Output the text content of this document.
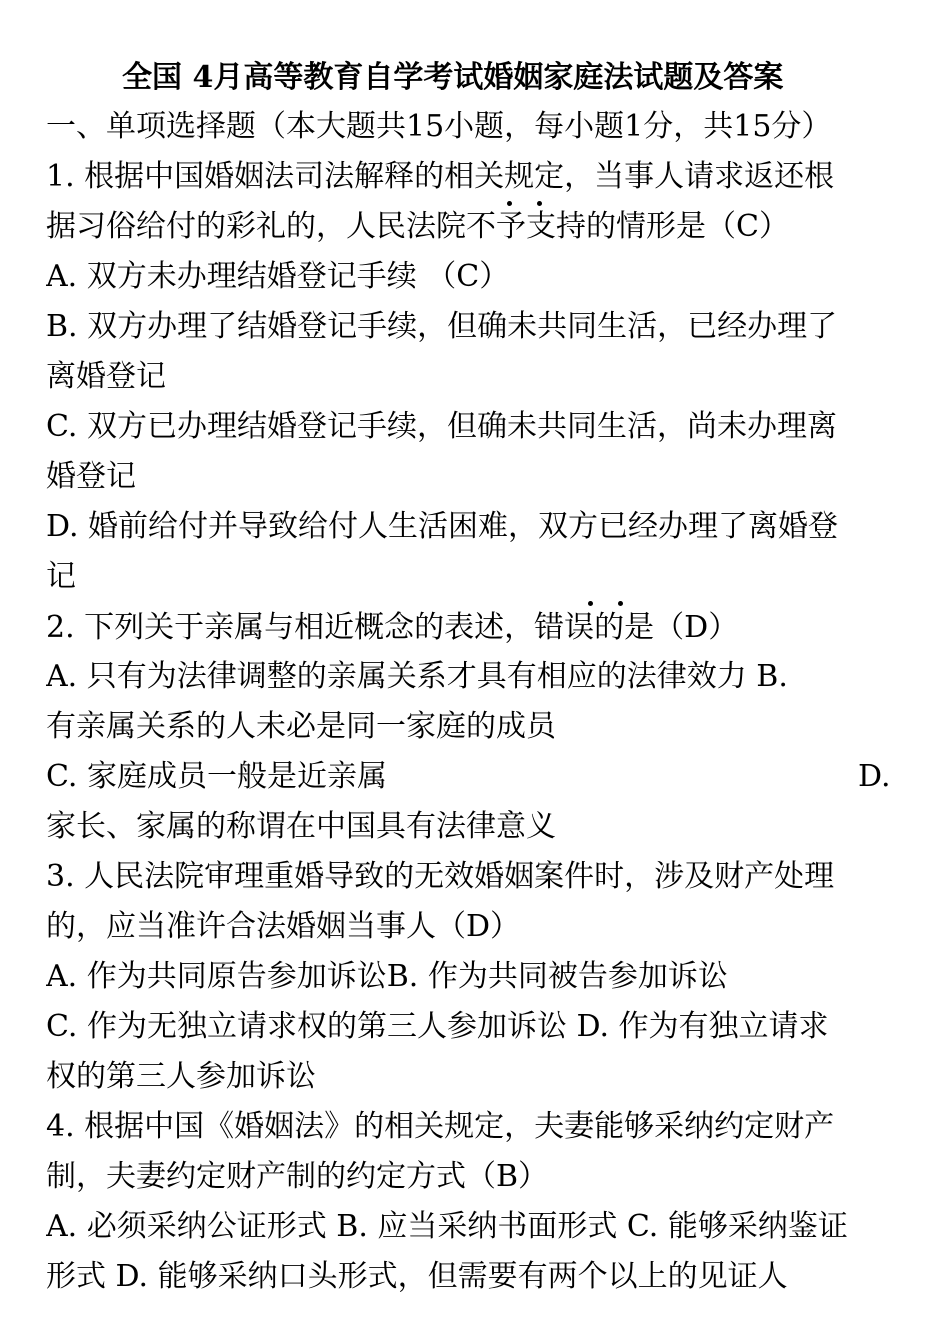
全国 4月高等教育自学考试婚姻家庭法试题及答案
一、单项选择题（本大题共15小题，每小题1分，共15分）
1. 根据中国婚姻法司法解释的相关规定，当事人请求返还根
据习俗给付的彩礼的，人民法院不予支持的情形是（C）
A. 双方未办理结婚登记手续 （C）
B. 双方办理了结婚登记手续，但确未共同生活，已经办理了
离婚登记
C. 双方已办理结婚登记手续，但确未共同生活，尚未办理离
婚登记
D. 婚前给付并导致给付人生活困难，双方已经办理了离婚登
记
2. 下列关于亲属与相近概念的表述，错误的是（D）
A. 只有为法律调整的亲属关系才具有相应的法律效力 B.
有亲属关系的人未必是同一家庭的成员
C. 家庭成员一般是近亲属	D.
家长、家属的称谓在中国具有法律意义
3. 人民法院审理重婚导致的无效婚姻案件时，涉及财产处理
的，应当准许合法婚姻当事人（D）
A. 作为共同原告参加诉讼B. 作为共同被告参加诉讼
C. 作为无独立请求权的第三人参加诉讼 D. 作为有独立请求
权的第三人参加诉讼
4. 根据中国《婚姻法》的相关规定，夫妻能够采纳约定财产
制，夫妻约定财产制的约定方式（B）
A. 必须采纳公证形式 B. 应当采纳书面形式 C. 能够采纳鉴证
形式 D. 能够采纳口头形式，但需要有两个以上的见证人
